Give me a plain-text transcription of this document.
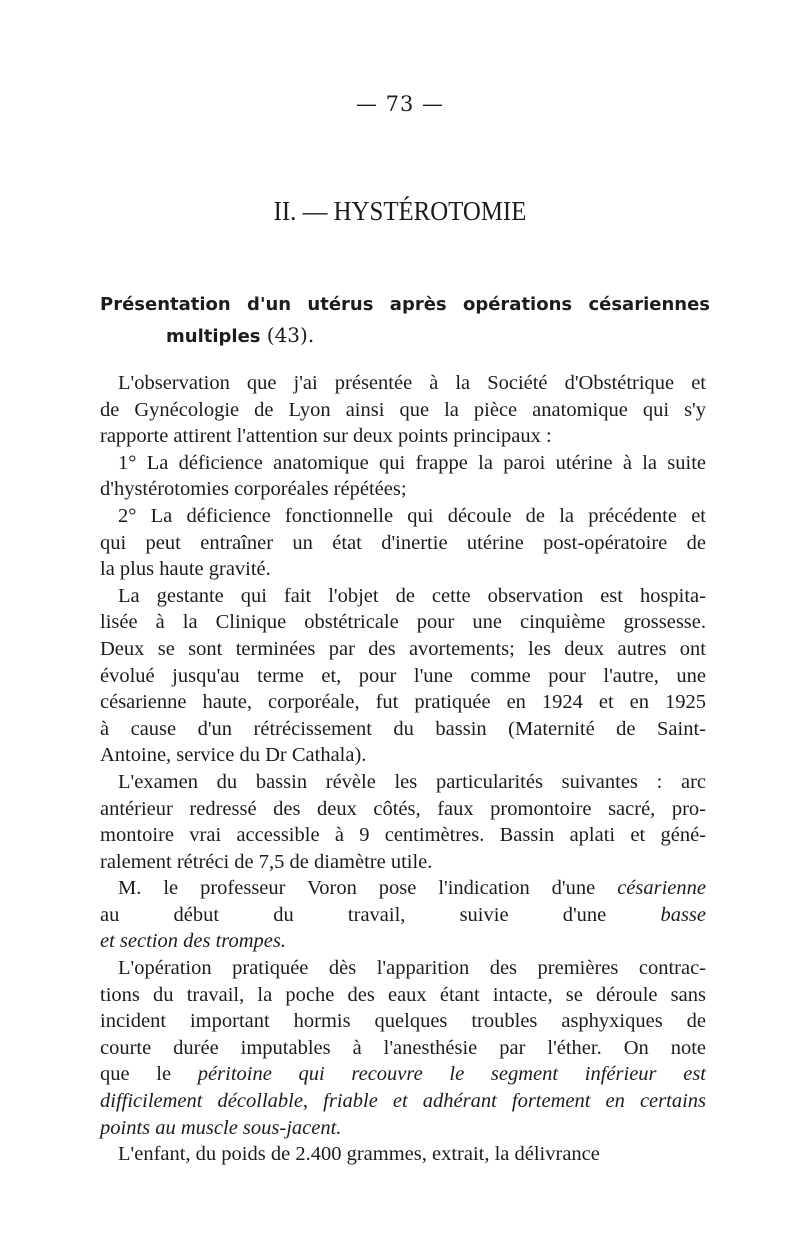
— 73 —
II. — HYSTÉROTOMIE
Présentation d'un utérus après opérations césariennes
multiples (43).
L'observation que j'ai présentée à la Société d'Obstétrique et
de Gynécologie de Lyon ainsi que la pièce anatomique qui s'y
rapporte attirent l'attention sur deux points principaux :
1° La déficience anatomique qui frappe la paroi utérine à la suite
d'hystérotomies corporéales répétées;
2° La déficience fonctionnelle qui découle de la précédente et
qui peut entraîner un état d'inertie utérine post-opératoire de
la plus haute gravité.
La gestante qui fait l'objet de cette observation est hospita-
lisée à la Clinique obstétricale pour une cinquième grossesse.
Deux se sont terminées par des avortements; les deux autres ont
évolué jusqu'au terme et, pour l'une comme pour l'autre, une
césarienne haute, corporéale, fut pratiquée en 1924 et en 1925
à cause d'un rétrécissement du bassin (Maternité de Saint-
Antoine, service du Dr Cathala).
L'examen du bassin révèle les particularités suivantes : arc
antérieur redressé des deux côtés, faux promontoire sacré, pro-
montoire vrai accessible à 9 centimètres. Bassin aplati et géné-
ralement rétréci de 7,5 de diamètre utile.
M. le professeur Voron pose l'indication d'une césarienne
au début du travail, suivie d'une basse
et section des trompes.
L'opération pratiquée dès l'apparition des premières contrac-
tions du travail, la poche des eaux étant intacte, se déroule sans
incident important hormis quelques troubles asphyxiques de
courte durée imputables à l'anesthésie par l'éther. On note
que le péritoine qui recouvre le segment inférieur est
difficilement décollable, friable et adhérant fortement en certains
points au muscle sous-jacent.
L'enfant, du poids de 2.400 grammes, extrait, la délivrance
